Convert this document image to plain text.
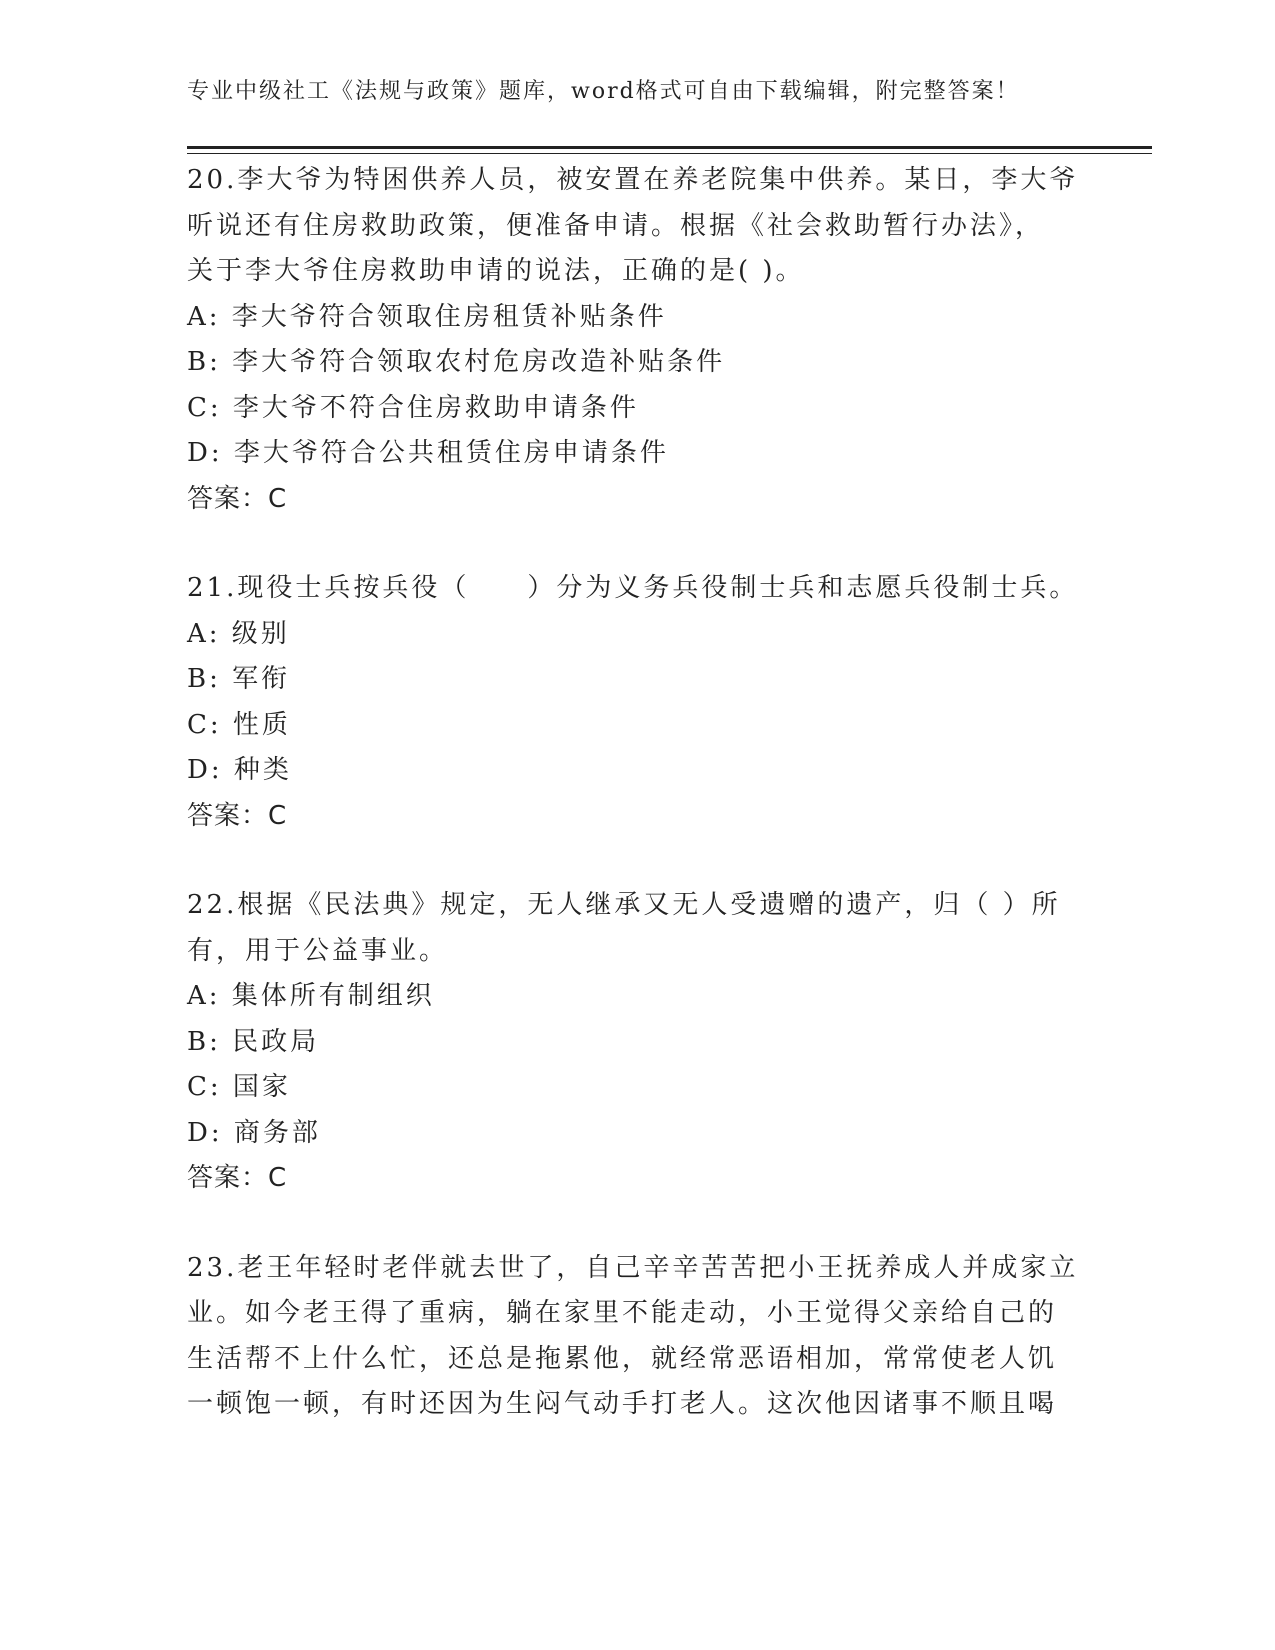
专业中级社工《法规与政策》题库，word格式可自由下载编辑，附完整答案！
20.李大爷为特困供养人员，被安置在养老院集中供养。某日，李大爷
听说还有住房救助政策，便准备申请。根据《社会救助暂行办法》，
关于李大爷住房救助申请的说法，正确的是( )。
A: 李大爷符合领取住房租赁补贴条件
B: 李大爷符合领取农村危房改造补贴条件
C: 李大爷不符合住房救助申请条件
D: 李大爷符合公共租赁住房申请条件
答案：C
21.现役士兵按兵役（　　）分为义务兵役制士兵和志愿兵役制士兵。
A: 级别
B: 军衔
C: 性质
D: 种类
答案：C
22.根据《民法典》规定，无人继承又无人受遗赠的遗产，归（ ）所
有，用于公益事业。
A: 集体所有制组织
B: 民政局
C: 国家
D: 商务部
答案：C
23.老王年轻时老伴就去世了，自己辛辛苦苦把小王抚养成人并成家立
业。如今老王得了重病，躺在家里不能走动，小王觉得父亲给自己的
生活帮不上什么忙，还总是拖累他，就经常恶语相加，常常使老人饥
一顿饱一顿，有时还因为生闷气动手打老人。这次他因诸事不顺且喝
